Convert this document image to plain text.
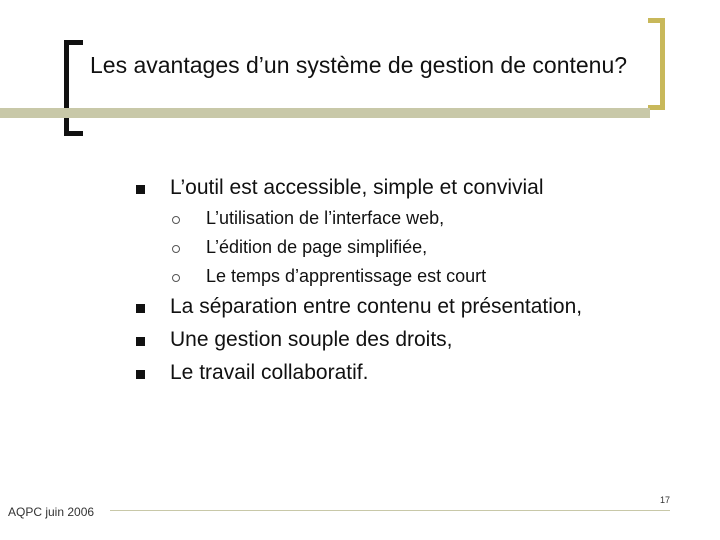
Les avantages d’un système de gestion de contenu?
L’outil est accessible, simple et convivial
L’utilisation de l’interface web,
L’édition de page simplifiée,
Le temps d’apprentissage est court
La séparation entre contenu et présentation,
Une gestion souple des droits,
Le travail collaboratif.
AQPC juin 2006
17
